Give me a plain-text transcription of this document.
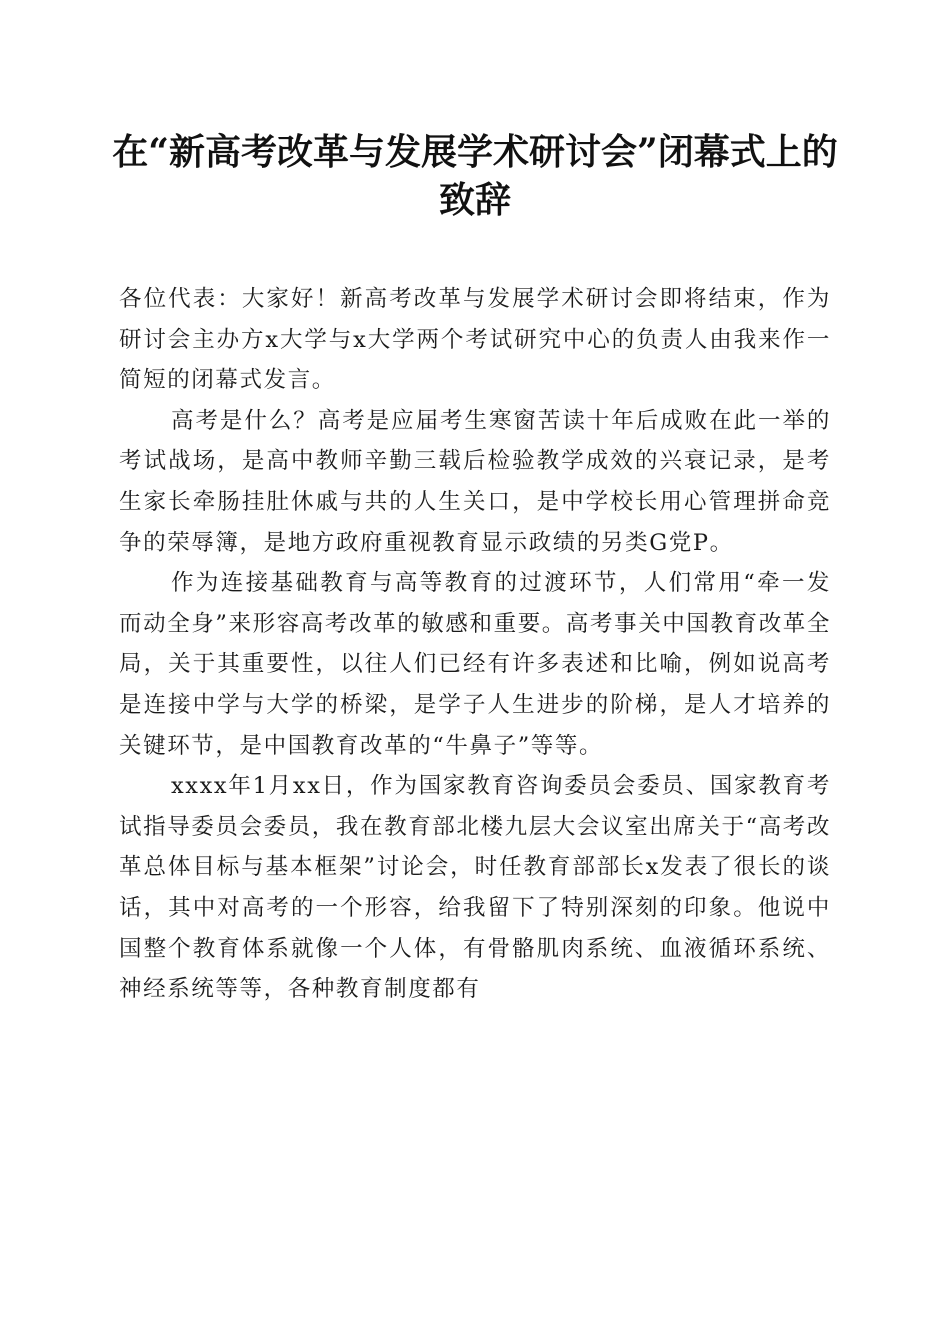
在“新高考改革与发展学术研讨会”闭幕式上的致辞

各位代表：大家好！新高考改革与发展学术研讨会即将结束，作为研讨会主办方x大学与x大学两个考试研究中心的负责人由我来作一简短的闭幕式发言。

高考是什么？高考是应届考生寒窗苦读十年后成败在此一举的考试战场，是高中教师辛勤三载后检验教学成效的兴衰记录，是考生家长牵肠挂肚休戚与共的人生关口，是中学校长用心管理拼命竞争的荣辱簿，是地方政府重视教育显示政绩的另类G党P。

作为连接基础教育与高等教育的过渡环节，人们常用“牵一发而动全身”来形容高考改革的敏感和重要。高考事关中国教育改革全局，关于其重要性，以往人们已经有许多表述和比喻，例如说高考是连接中学与大学的桥梁，是学子人生进步的阶梯，是人才培养的关键环节，是中国教育改革的“牛鼻子”等等。

xxxx年1月xx日，作为国家教育咨询委员会委员、国家教育考试指导委员会委员，我在教育部北楼九层大会议室出席关于“高考改革总体目标与基本框架”讨论会，时任教育部部长x发表了很长的谈话，其中对高考的一个形容，给我留下了特别深刻的印象。他说中国整个教育体系就像一个人体，有骨骼肌肉系统、血液循环系统、神经系统等等，各种教育制度都有
